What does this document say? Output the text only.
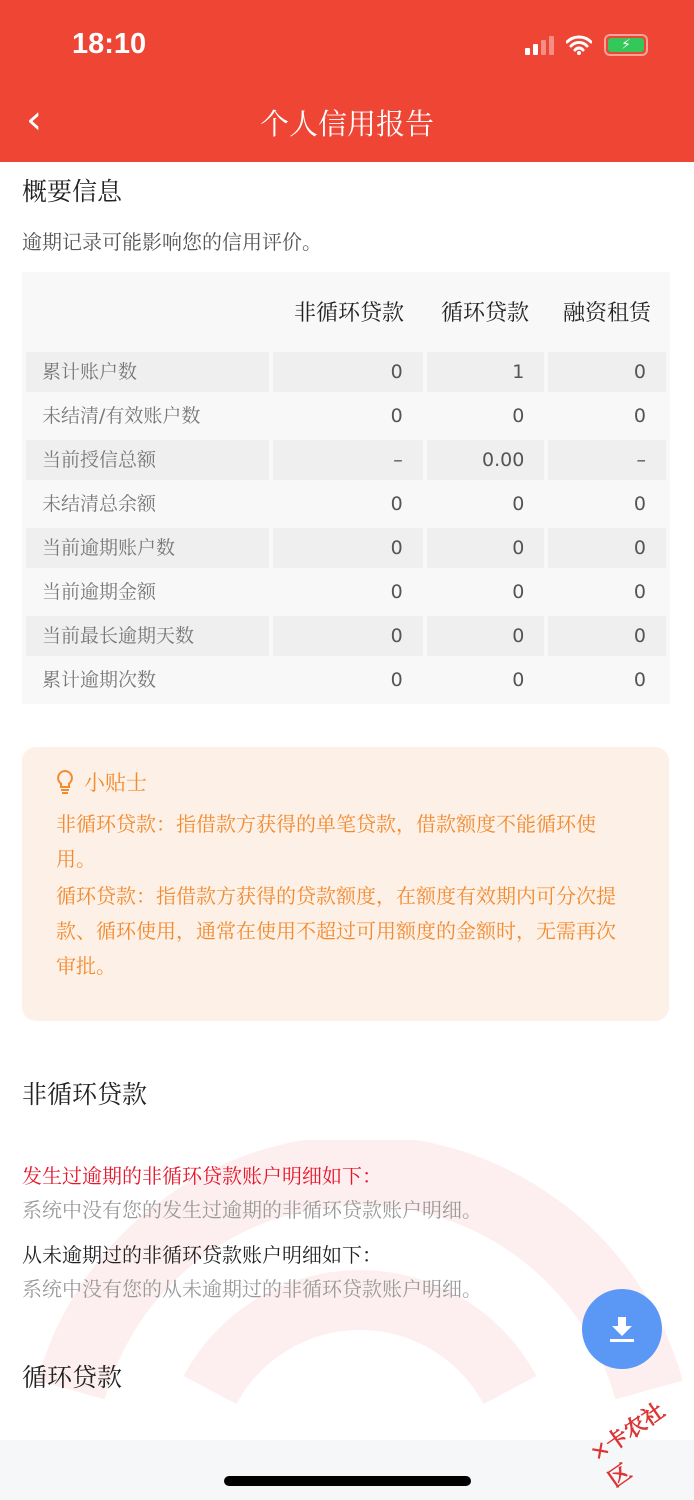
18:10	⚡
‹	个人信用报告
概要信息
逾期记录可能影响您的信用评价。
非循环贷款	循环贷款	融资租赁
累计账户数	0	1	0
未结清/有效账户数	0	0	0
当前授信总额	–	0.00	–
未结清总余额	0	0	0
当前逾期账户数	0	0	0
当前逾期金额	0	0	0
当前最长逾期天数	0	0	0
累计逾期次数	0	0	0
小贴士

非循环贷款：指借款方获得的单笔贷款，借款额度不能循环使用。

循环贷款：指借款方获得的贷款额度，在额度有效期内可分次提款、循环使用，通常在使用不超过可用额度的金额时，无需再次审批。

非循环贷款
发生过逾期的非循环贷款账户明细如下：
系统中没有您的发生过逾期的非循环贷款账户明细。
从未逾期过的非循环贷款账户明细如下：
系统中没有您的从未逾期过的非循环贷款账户明细。
循环贷款
✕卡农社区
